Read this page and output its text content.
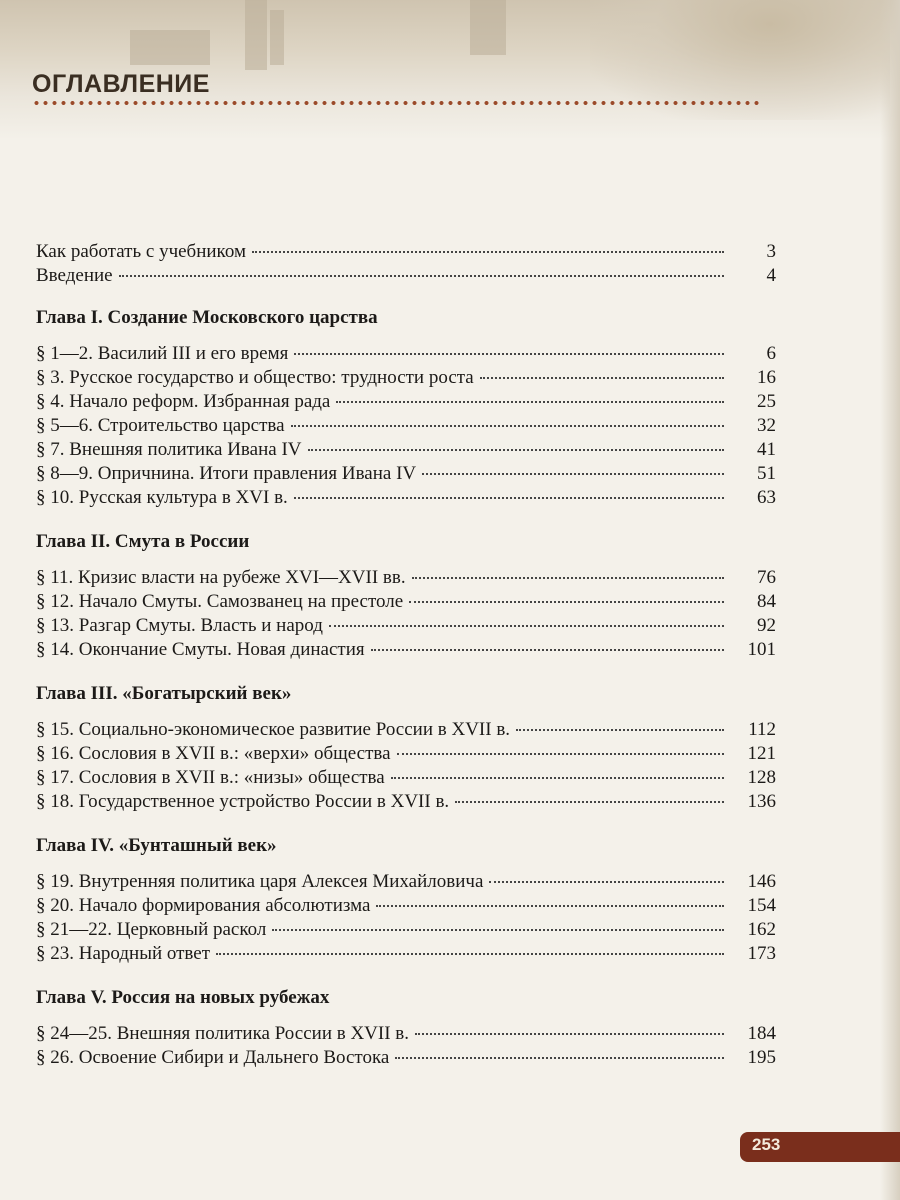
ОГЛАВЛЕНИЕ
Как работать с учебником	3
Введение	4
Глава I. Создание Московского царства
§ 1—2. Василий III и его время	6
§ 3. Русское государство и общество: трудности роста	16
§ 4. Начало реформ. Избранная рада	25
§ 5—6. Строительство царства	32
§ 7. Внешняя политика Ивана IV	41
§ 8—9. Опричнина. Итоги правления Ивана IV	51
§ 10. Русская культура в XVI в.	63
Глава II. Смута в России
§ 11. Кризис власти на рубеже XVI—XVII вв.	76
§ 12. Начало Смуты. Самозванец на престоле	84
§ 13. Разгар Смуты. Власть и народ	92
§ 14. Окончание Смуты. Новая династия	101
Глава III. «Богатырский век»
§ 15. Социально-экономическое развитие России в XVII в.	112
§ 16. Сословия в XVII в.: «верхи» общества	121
§ 17. Сословия в XVII в.: «низы» общества	128
§ 18. Государственное устройство России в XVII в.	136
Глава IV. «Бунташный век»
§ 19. Внутренняя политика царя Алексея Михайловича	146
§ 20. Начало формирования абсолютизма	154
§ 21—22. Церковный раскол	162
§ 23. Народный ответ	173
Глава V. Россия на новых рубежах
§ 24—25. Внешняя политика России в XVII в.	184
§ 26. Освоение Сибири и Дальнего Востока	195
253
